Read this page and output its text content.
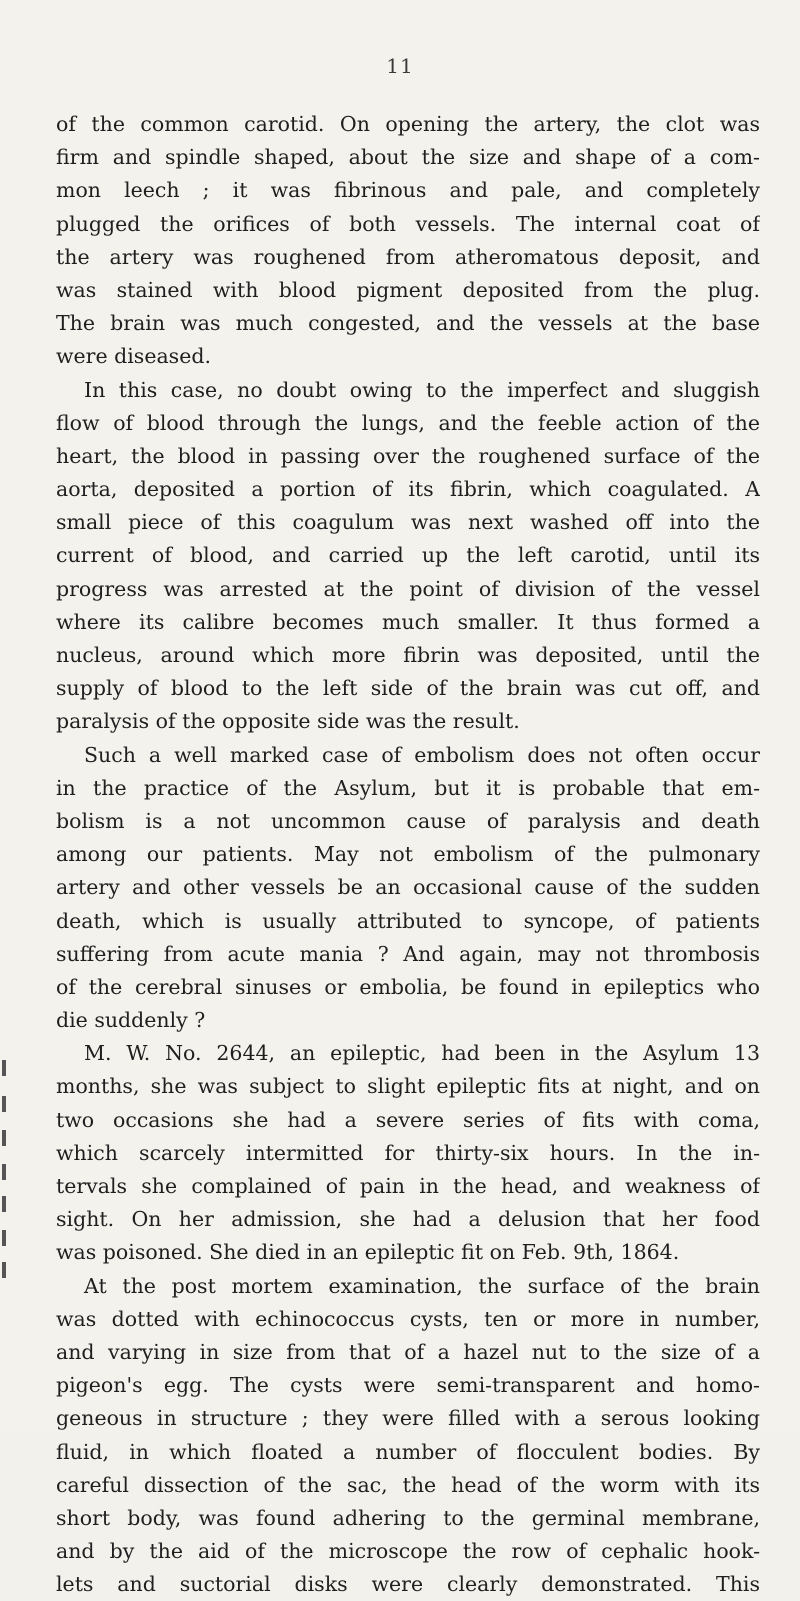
11
of the common carotid. On opening the artery, the clot was
firm and spindle shaped, about the size and shape of a com-
mon leech ; it was fibrinous and pale, and completely
plugged the orifices of both vessels. The internal coat of
the artery was roughened from atheromatous deposit, and
was stained with blood pigment deposited from the plug.
The brain was much congested, and the vessels at the base
were diseased.
In this case, no doubt owing to the imperfect and sluggish
flow of blood through the lungs, and the feeble action of the
heart, the blood in passing over the roughened surface of the
aorta, deposited a portion of its fibrin, which coagulated. A
small piece of this coagulum was next washed off into the
current of blood, and carried up the left carotid, until its
progress was arrested at the point of division of the vessel
where its calibre becomes much smaller. It thus formed a
nucleus, around which more fibrin was deposited, until the
supply of blood to the left side of the brain was cut off, and
paralysis of the opposite side was the result.
Such a well marked case of embolism does not often occur
in the practice of the Asylum, but it is probable that em-
bolism is a not uncommon cause of paralysis and death
among our patients. May not embolism of the pulmonary
artery and other vessels be an occasional cause of the sudden
death, which is usually attributed to syncope, of patients
suffering from acute mania ? And again, may not thrombosis
of the cerebral sinuses or embolia, be found in epileptics who
die suddenly ?
M. W. No. 2644, an epileptic, had been in the Asylum 13
months, she was subject to slight epileptic fits at night, and on
two occasions she had a severe series of fits with coma,
which scarcely intermitted for thirty-six hours. In the in-
tervals she complained of pain in the head, and weakness of
sight. On her admission, she had a delusion that her food
was poisoned. She died in an epileptic fit on Feb. 9th, 1864.
At the post mortem examination, the surface of the brain
was dotted with echinococcus cysts, ten or more in number,
and varying in size from that of a hazel nut to the size of a
pigeon's egg. The cysts were semi-transparent and homo-
geneous in structure ; they were filled with a serous looking
fluid, in which floated a number of flocculent bodies. By
careful dissection of the sac, the head of the worm with its
short body, was found adhering to the germinal membrane,
and by the aid of the microscope the row of cephalic hook-
lets and suctorial disks were clearly demonstrated. This
